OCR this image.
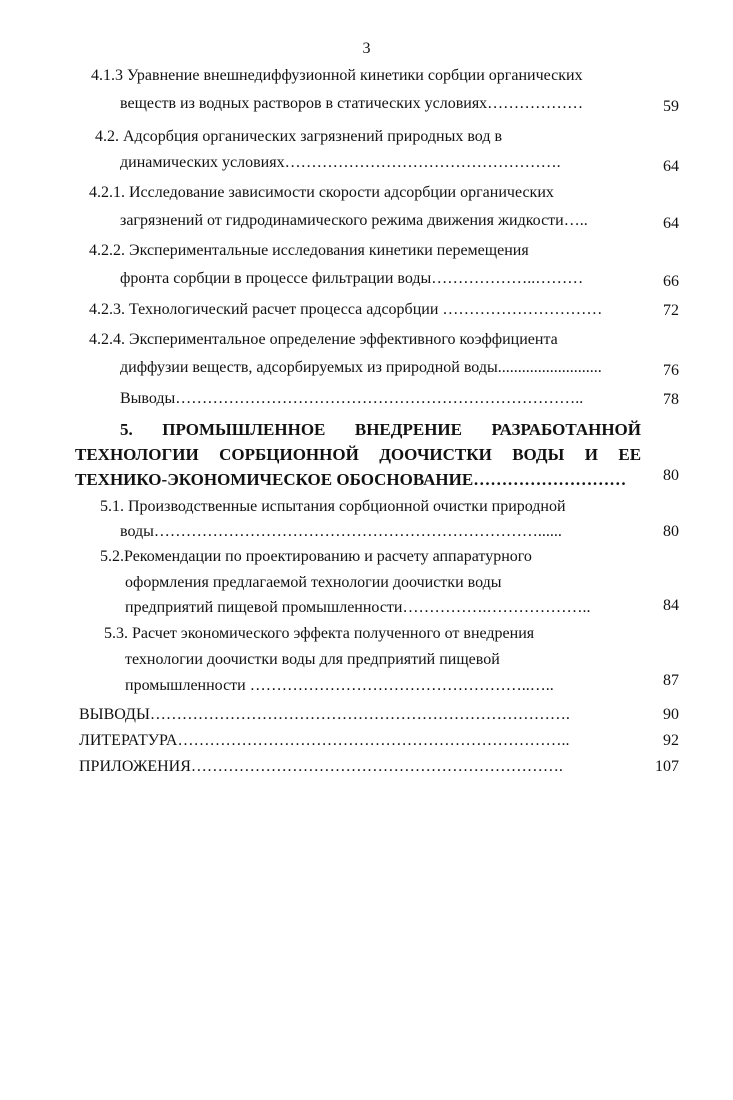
3
4.1.3 Уравнение внешнедиффузионной кинетики сорбции органических
веществ из водных растворов в статических условиях………………	59
4.2. Адсорбция органических загрязнений природных вод в
динамических условиях…………………………………………….	64
4.2.1. Исследование зависимости скорости адсорбции органических
загрязнений от гидродинамического режима движения жидкости…..	64
4.2.2. Экспериментальные исследования кинетики перемещения
фронта сорбции в процессе фильтрации воды………………..………	66
4.2.3. Технологический расчет процесса адсорбции …………………………	72
4.2.4. Экспериментальное определение эффективного коэффициента
диффузии веществ, адсорбируемых из природной воды..........................	76
Выводы…………………………………………………………………..	78
5. ПРОМЫШЛЕННОЕ ВНЕДРЕНИЕ РАЗРАБОТАННОЙ
ТЕХНОЛОГИИ СОРБЦИОННОЙ ДООЧИСТКИ ВОДЫ И ЕЕ
ТЕХНИКО-ЭКОНОМИЧЕСКОЕ ОБОСНОВАНИЕ………………………	80
5.1. Производственные испытания сорбционной очистки природной
воды………………………………………………………………......	80
5.2.Рекомендации по проектированию и расчету аппаратурного
оформления предлагаемой технологии доочистки воды
предприятий пищевой промышленности…………….………………..	84
5.3. Расчет экономического эффекта полученного от внедрения
технологии доочистки воды для предприятий пищевой
промышленности ……………………………………………..…..	87
ВЫВОДЫ…………………………………………………………………….	90
ЛИТЕРАТУРА………………………………………………………………..	92
ПРИЛОЖЕНИЯ…………………………………………………………….	107
